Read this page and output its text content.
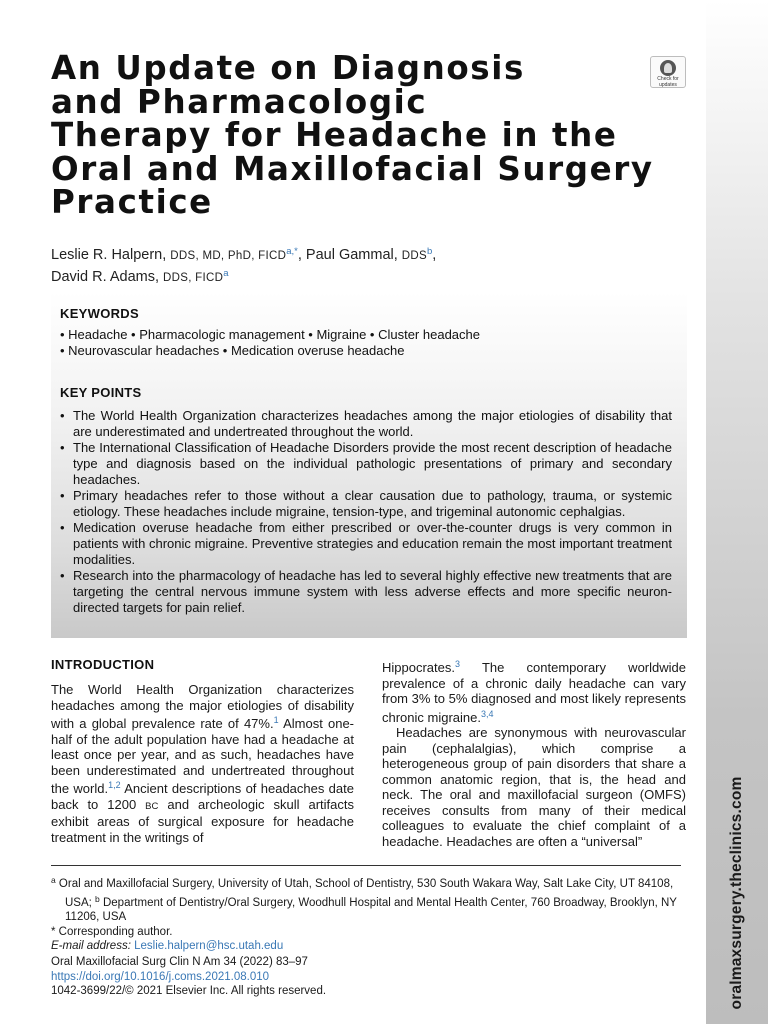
oralmaxsurgery.theclinics.com
An Update on Diagnosis
and Pharmacologic
Therapy for Headache in the
Oral and Maxillofacial Surgery
Practice
Check for
updates
Leslie R. Halpern, DDS, MD, PhD, $FICD^{a,*}$, Paul Gammal, DDS$^b$,
David R. Adams, DDS, FICD$^a$
KEYWORDS
• Headache • Pharmacologic management • Migraine • Cluster headache
• Neurovascular headaches • Medication overuse headache
KEY POINTS
• The World Health Organization characterizes headaches among the major etiologies of disability that are underestimated and undertreated throughout the world.
• The International Classification of Headache Disorders provide the most recent description of headache type and diagnosis based on the individual pathologic presentations of primary and secondary headaches.
• Primary headaches refer to those without a clear causation due to pathology, trauma, or systemic etiology. These headaches include migraine, tension-type, and trigeminal autonomic cephalgias.
• Medication overuse headache from either prescribed or over-the-counter drugs is very common in patients with chronic migraine. Preventive strategies and education remain the most important treatment modalities.
• Research into the pharmacology of headache has led to several highly effective new treatments that are targeting the central nervous immune system with less adverse effects and more specific neuron-directed targets for pain relief.
INTRODUCTION

The World Health Organization characterizes headaches among the major etiologies of disability with a global prevalence rate of 47%.$^1$ Almost one-half of the adult population have had a headache at least once per year, and as such, headaches have been underestimated and undertreated throughout the world.$^{1,2}$ Ancient descriptions of headaches date back to 1200 BC and archeologic skull artifacts exhibit areas of surgical exposure for headache treatment in the writings of

Hippocrates.$^3$ The contemporary worldwide prevalence of a chronic daily headache can vary from 3% to 5% diagnosed and most likely represents chronic migraine.$^{3,4}$

Headaches are synonymous with neurovascular pain (cephalalgias), which comprise a heterogeneous group of pain disorders that share a common anatomic region, that is, the head and neck. The oral and maxillofacial surgeon (OMFS) receives consults from many of their medical colleagues to evaluate the chief complaint of a headache. Headaches are often a “universal”

$^a$ Oral and Maxillofacial Surgery, University of Utah, School of Dentistry, 530 South Wakara Way, Salt Lake City, UT 84108, USA; $^b$ Department of Dentistry/Oral Surgery, Woodhull Hospital and Mental Health Center, 760 Broadway, Brooklyn, NY 11206, USA
* Corresponding author.
E-mail address: Leslie.halpern@hsc.utah.edu
Oral Maxillofacial Surg Clin N Am 34 (2022) 83–97
https://doi.org/10.1016/j.coms.2021.08.010
1042-3699/22/© 2021 Elsevier Inc. All rights reserved.
